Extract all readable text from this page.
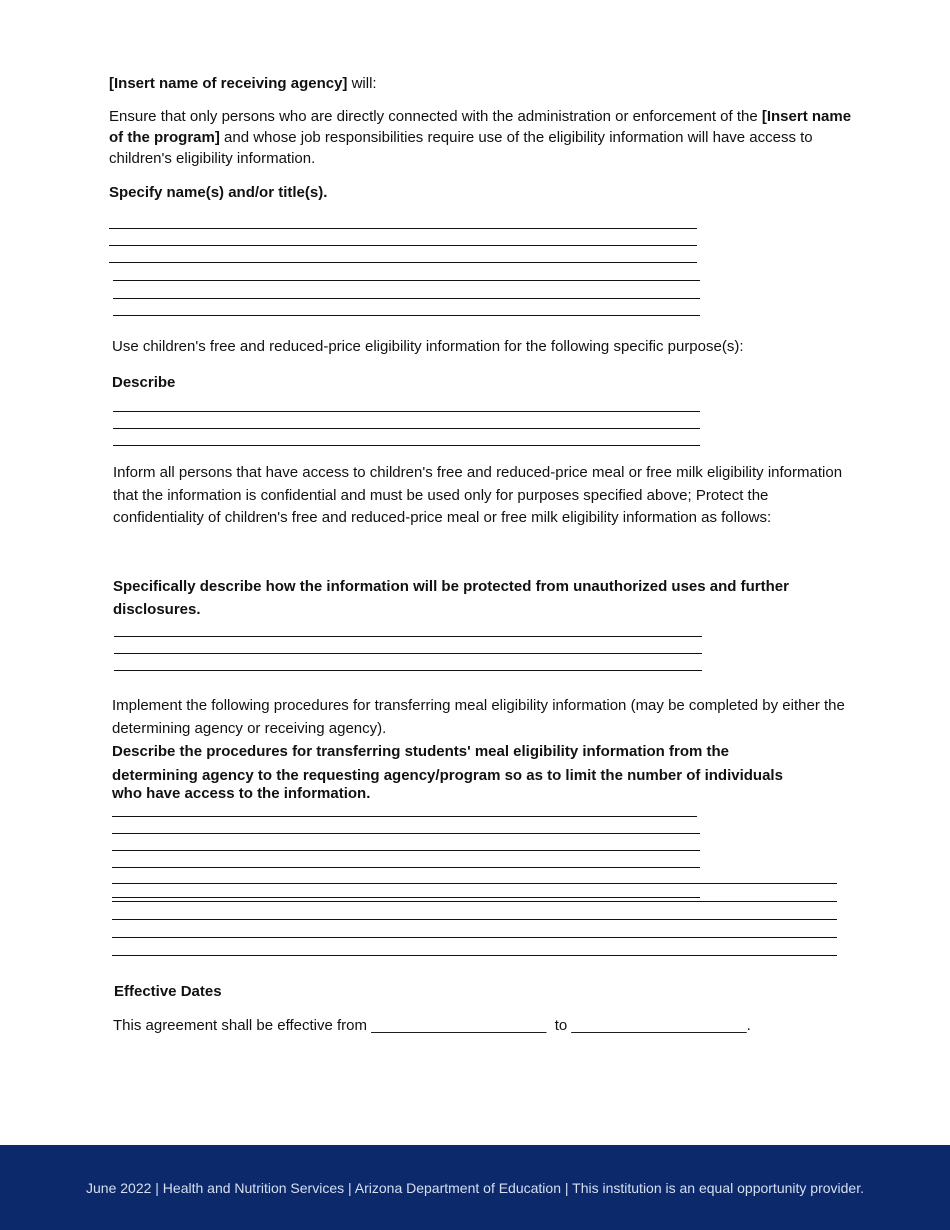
[Insert name of receiving agency] will:

Ensure that only persons who are directly connected with the administration or enforcement of the [Insert name of the program] and whose job responsibilities require use of the eligibility information will have access to children's eligibility information.

Specify name(s) and/or title(s).

Use children's free and reduced-price eligibility information for the following specific purpose(s):

Describe

Inform all persons that have access to children's free and reduced-price meal or free milk eligibility information that the information is confidential and must be used only for purposes specified above; Protect the confidentiality of children's free and reduced-price meal or free milk eligibility information as follows:

Specifically describe how the information will be protected from unauthorized uses and further disclosures.

Implement the following procedures for transferring meal eligibility information (may be completed by either the determining agency or receiving agency).

Describe the procedures for transferring students' meal eligibility information from the

determining agency to the requesting agency/program so as to limit the number of individuals

who have access to the information.

Effective Dates

This agreement shall be effective from _____________________  to _____________________.

June 2022 | Health and Nutrition Services | Arizona Department of Education | This institution is an equal opportunity provider.
